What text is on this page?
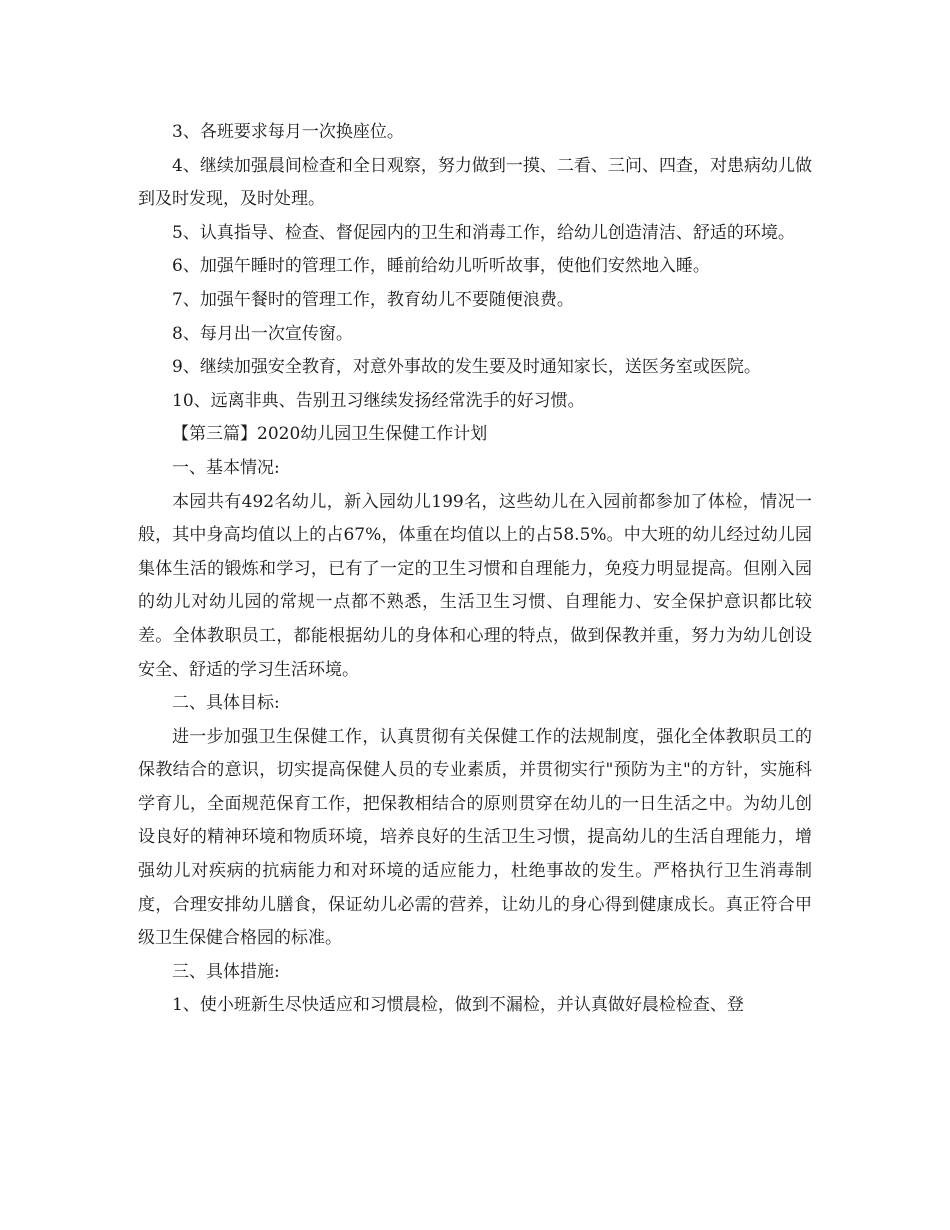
3、各班要求每月一次换座位。

4、继续加强晨间检查和全日观察，努力做到一摸、二看、三问、四查，对患病幼儿做到及时发现，及时处理。

5、认真指导、检查、督促园内的卫生和消毒工作，给幼儿创造清洁、舒适的环境。

6、加强午睡时的管理工作，睡前给幼儿听听故事，使他们安然地入睡。

7、加强午餐时的管理工作，教育幼儿不要随便浪费。

8、每月出一次宣传窗。

9、继续加强安全教育，对意外事故的发生要及时通知家长，送医务室或医院。

10、远离非典、告别丑习继续发扬经常洗手的好习惯。

【第三篇】2020幼儿园卫生保健工作计划

一、基本情况:

本园共有492名幼儿，新入园幼儿199名，这些幼儿在入园前都参加了体检，情况一般，其中身高均值以上的占67%，体重在均值以上的占58.5%。中大班的幼儿经过幼儿园集体生活的锻炼和学习，已有了一定的卫生习惯和自理能力，免疫力明显提高。但刚入园的幼儿对幼儿园的常规一点都不熟悉，生活卫生习惯、自理能力、安全保护意识都比较差。全体教职员工，都能根据幼儿的身体和心理的特点，做到保教并重，努力为幼儿创设安全、舒适的学习生活环境。

二、具体目标:

进一步加强卫生保健工作，认真贯彻有关保健工作的法规制度，强化全体教职员工的保教结合的意识，切实提高保健人员的专业素质，并贯彻实行"预防为主"的方针，实施科学育儿，全面规范保育工作，把保教相结合的原则贯穿在幼儿的一日生活之中。为幼儿创设良好的精神环境和物质环境，培养良好的生活卫生习惯，提高幼儿的生活自理能力，增强幼儿对疾病的抗病能力和对环境的适应能力，杜绝事故的发生。严格执行卫生消毒制度，合理安排幼儿膳食，保证幼儿必需的营养，让幼儿的身心得到健康成长。真正符合甲级卫生保健合格园的标准。

三、具体措施:

1、使小班新生尽快适应和习惯晨检，做到不漏检，并认真做好晨检检查、登
